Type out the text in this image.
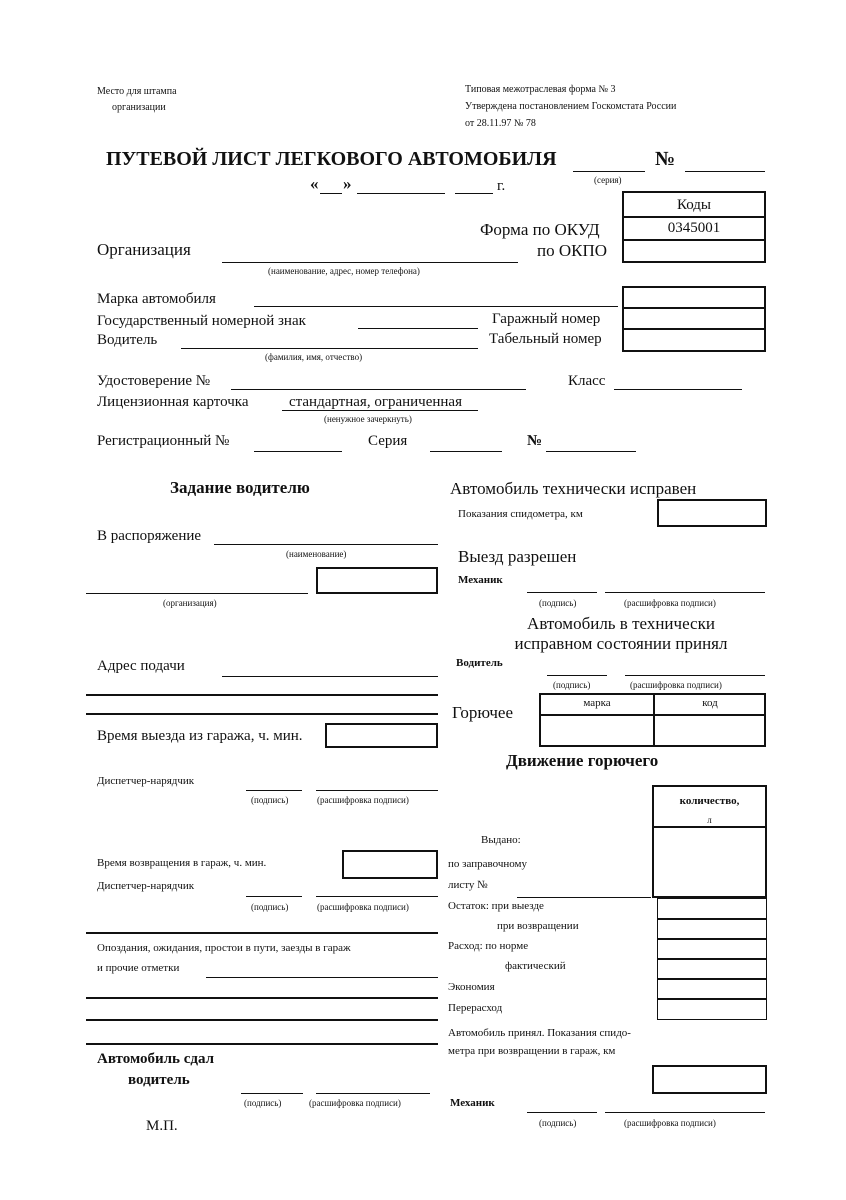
Место для штампа
организации
Типовая межотраслевая форма № 3
Утверждена постановлением Госкомстата России
от 28.11.97 № 78
ПУТЕВОЙ ЛИСТ ЛЕГКОВОГО АВТОМОБИЛЯ	№
(серия)
« »	г.
Коды
0345001
Форма по ОКУД
по ОКПО
Организация
(наименование, адрес, номер телефона)
Марка автомобиля
Государственный номерной знак	Гаражный номер
Водитель	Табельный номер
(фамилия, имя, отчество)
Удостоверение №	Класс
Лицензионная карточка	стандартная, ограниченная
(ненужное зачеркнуть)
Регистрационный №	Серия	№
Задание водителю
В распоряжение
(наименование)
(организация)
Адрес подачи
Время выезда из гаража, ч. мин.
Диспетчер-нарядчик
(подпись)	(расшифровка подписи)
Время возвращения в гараж, ч. мин.
Диспетчер-нарядчик
(подпись)	(расшифровка подписи)
Опоздания, ожидания, простои в пути, заезды в гараж
и прочие отметки
Автомобиль сдал
водитель
(подпись)	(расшифровка подписи)
М.П.
Автомобиль технически исправен
Показания спидометра, км
Выезд разрешен
Механик
(подпись)	(расшифровка подписи)
Автомобиль в технически
исправном состоянии принял
Водитель
(подпись)	(расшифровка подписи)
Горючее	марка	код
Движение горючего
количество,
л
Выдано:
по заправочному
листу №
Остаток: при выезде
при возвращении
Расход: по норме
фактический
Экономия
Перерасход
Автомобиль принял. Показания спидо-
метра при возвращении в гараж, км
Механик
(подпись)	(расшифровка подписи)
